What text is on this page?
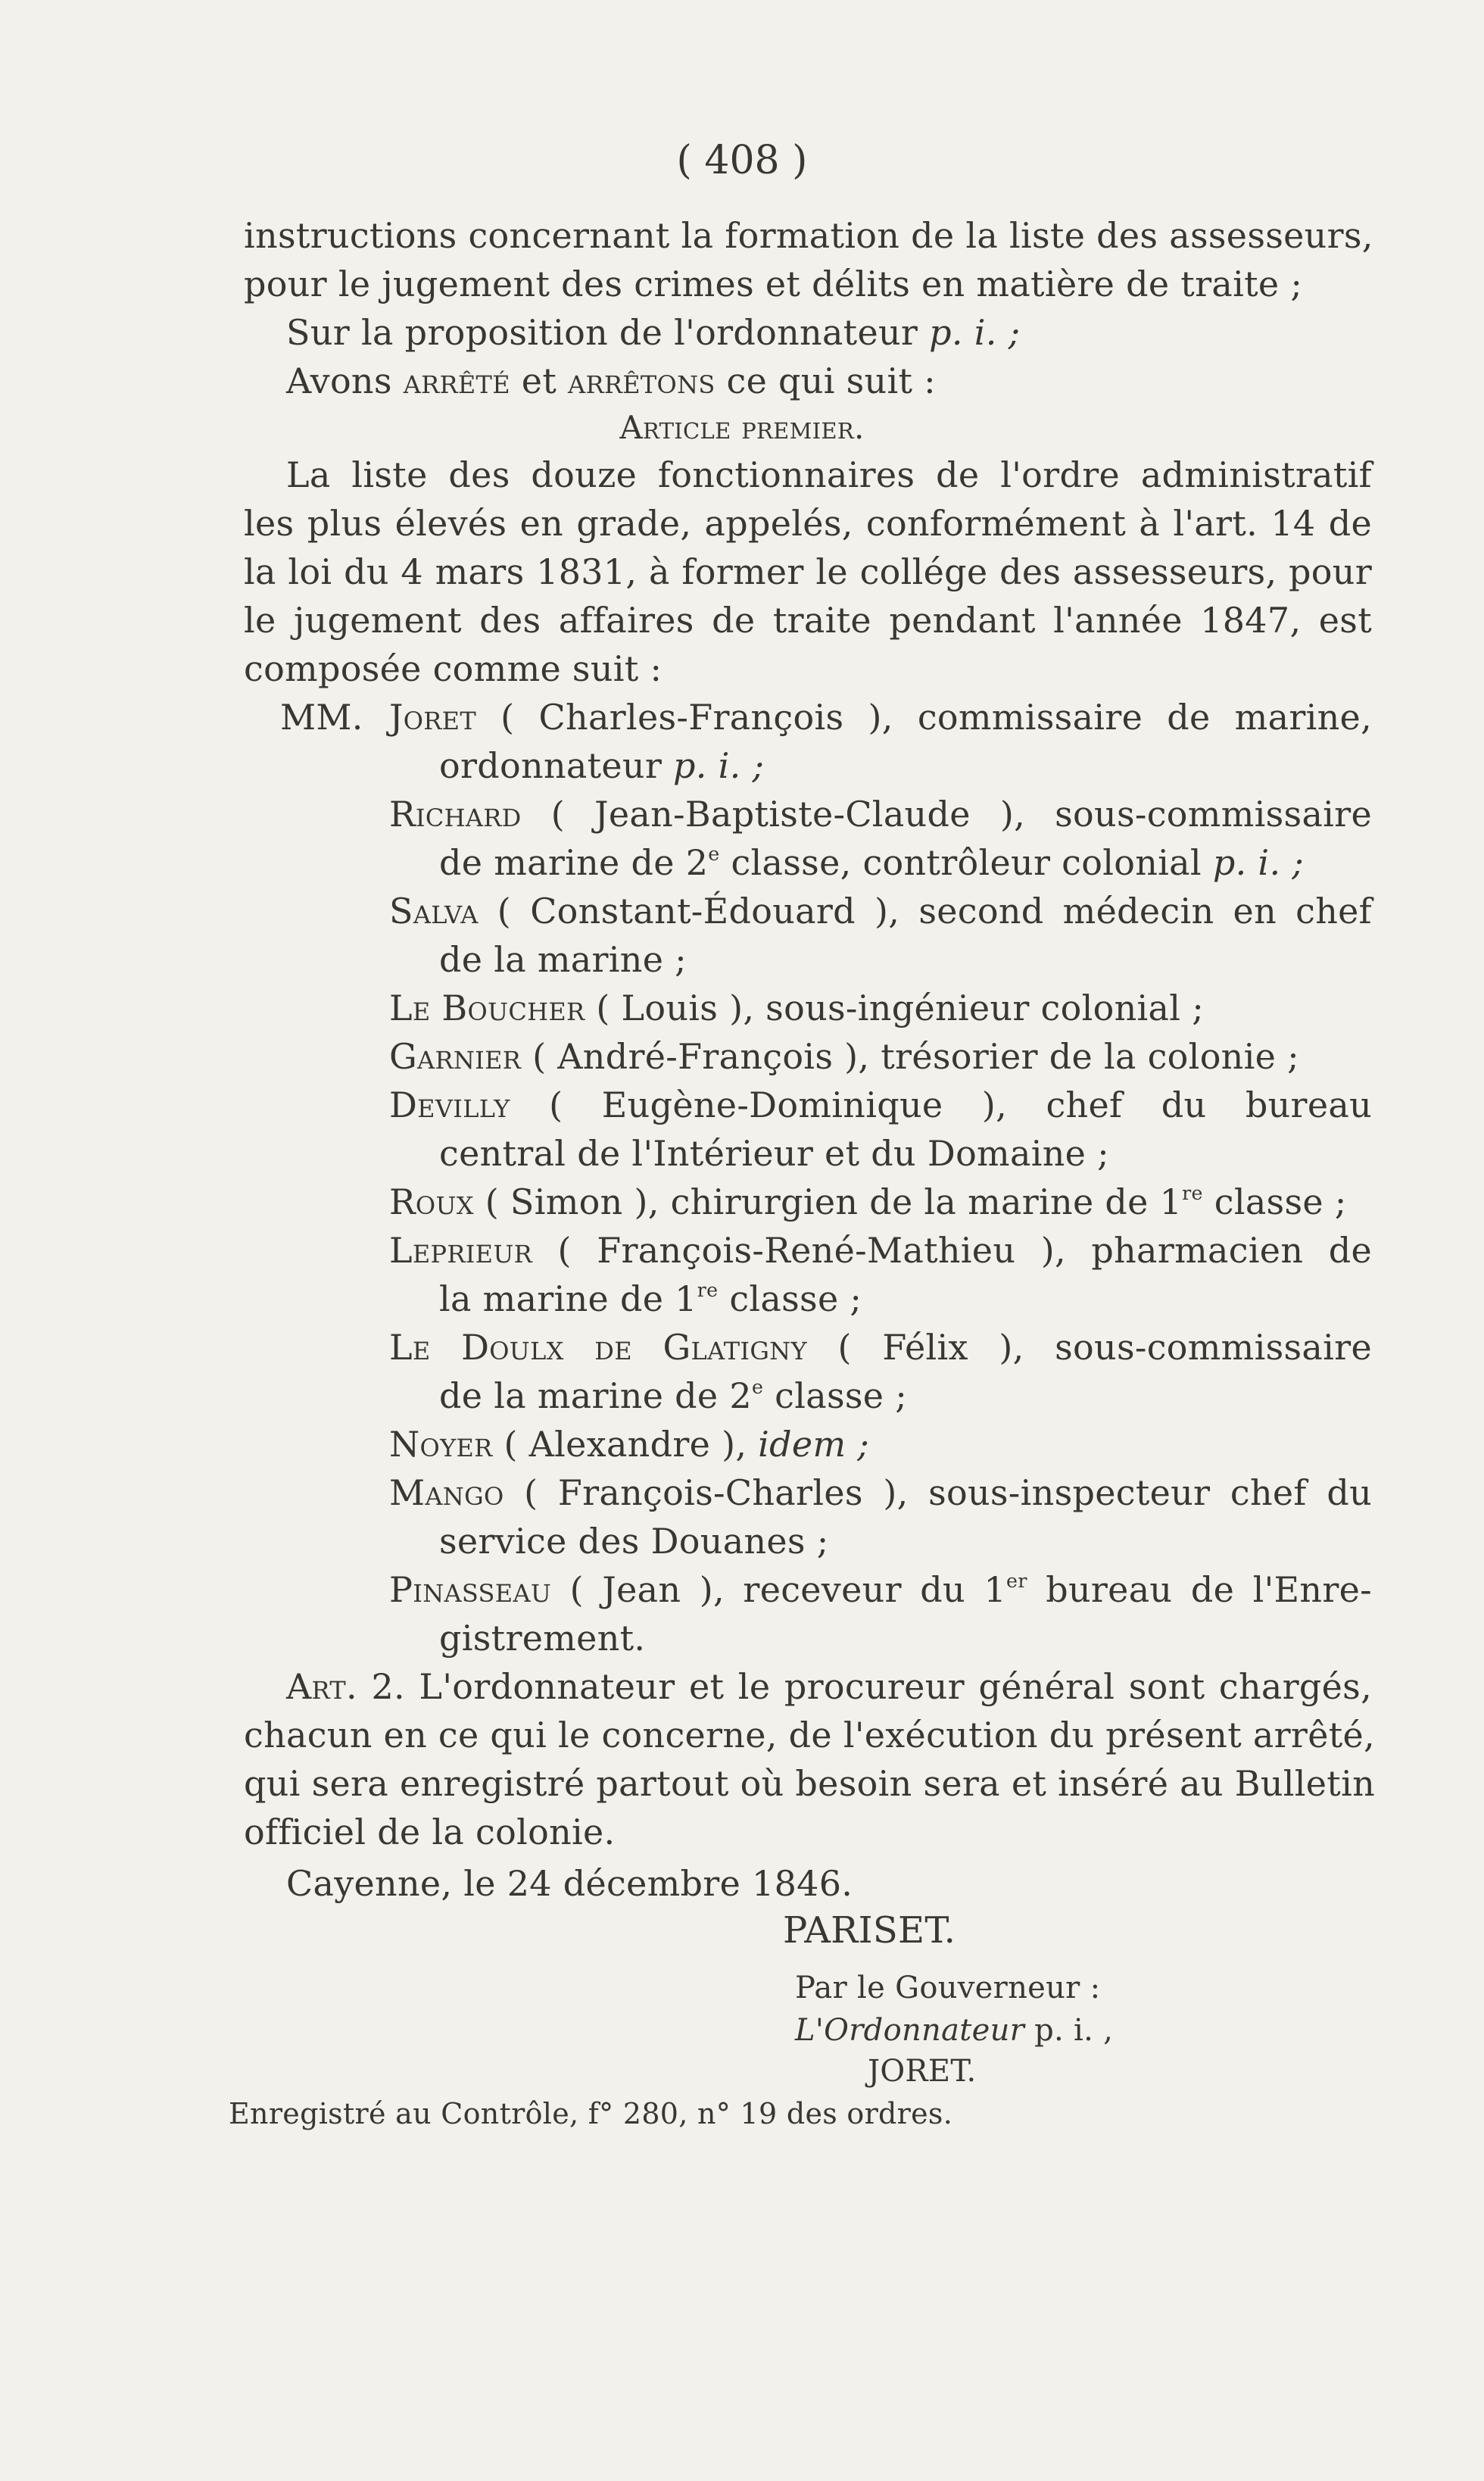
( 408 )
instructions concernant la formation de la liste des assesseurs,
pour le jugement des crimes et délits en matière de traite ;
Sur la proposition de l'ordonnateur p. i. ;
Avons arrêté et arrêtons ce qui suit :
Article premier.
La liste des douze fonctionnaires de l'ordre administratif
les plus élevés en grade, appelés, conformément à l'art. 14 de
la loi du 4 mars 1831, à former le collége des assesseurs, pour
le jugement des affaires de traite pendant l'année 1847, est
composée comme suit :
MM. Joret ( Charles-François ), commissaire de marine,
ordonnateur p. i. ;
Richard ( Jean-Baptiste-Claude ), sous-commissaire
de marine de 2e classe, contrôleur colonial p. i. ;
Salva ( Constant-Édouard ), second médecin en chef
de la marine ;
Le Boucher ( Louis ), sous-ingénieur colonial ;
Garnier ( André-François ), trésorier de la colonie ;
Devilly ( Eugène-Dominique ), chef du bureau
central de l'Intérieur et du Domaine ;
Roux ( Simon ), chirurgien de la marine de 1re classe ;
Leprieur ( François-René-Mathieu ), pharmacien de
la marine de 1re classe ;
Le Doulx de Glatigny ( Félix ), sous-commissaire
de la marine de 2e classe ;
Noyer ( Alexandre ), idem ;
Mango ( François-Charles ), sous-inspecteur chef du
service des Douanes ;
Pinasseau ( Jean ), receveur du 1er bureau de l'Enre-
gistrement.
Art. 2. L'ordonnateur et le procureur général sont chargés,
chacun en ce qui le concerne, de l'exécution du présent arrêté,
qui sera enregistré partout où besoin sera et inséré au Bulletin
officiel de la colonie.
Cayenne, le 24 décembre 1846.
PARISET.
Par le Gouverneur :
L'Ordonnateur p. i. ,
JORET.
Enregistré au Contrôle, f° 280, n° 19 des ordres.
